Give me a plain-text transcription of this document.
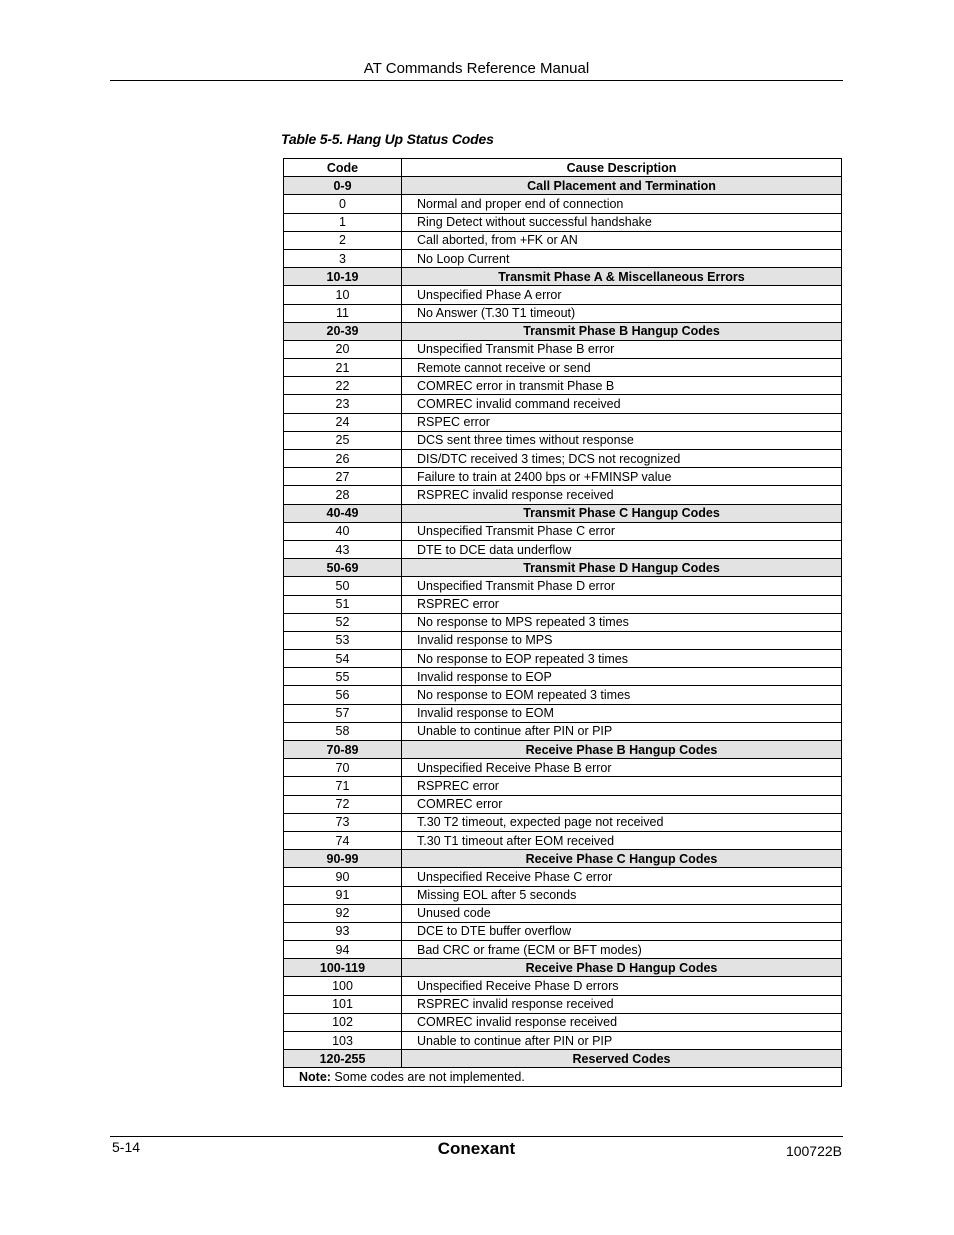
AT Commands Reference Manual
Table 5-5. Hang Up Status Codes
Code	Cause Description
0-9	Call Placement and Termination
0	Normal and proper end of connection
1	Ring Detect without successful handshake
2	Call aborted, from +FK or AN
3	No Loop Current
10-19	Transmit Phase A & Miscellaneous Errors
10	Unspecified Phase A error
11	No Answer (T.30 T1 timeout)
20-39	Transmit Phase B Hangup Codes
20	Unspecified Transmit Phase B error
21	Remote cannot receive or send
22	COMREC error in transmit Phase B
23	COMREC invalid command received
24	RSPEC error
25	DCS sent three times without response
26	DIS/DTC received 3 times; DCS not recognized
27	Failure to train at 2400 bps or +FMINSP value
28	RSPREC invalid response received
40-49	Transmit Phase C Hangup Codes
40	Unspecified Transmit Phase C error
43	DTE to DCE data underflow
50-69	Transmit Phase D Hangup Codes
50	Unspecified Transmit Phase D error
51	RSPREC error
52	No response to MPS repeated 3 times
53	Invalid response to MPS
54	No response to EOP repeated 3 times
55	Invalid response to EOP
56	No response to EOM repeated 3 times
57	Invalid response to EOM
58	Unable to continue after PIN or PIP
70-89	Receive Phase B Hangup Codes
70	Unspecified Receive Phase B error
71	RSPREC error
72	COMREC error
73	T.30 T2 timeout, expected page not received
74	T.30 T1 timeout after EOM received
90-99	Receive Phase C Hangup Codes
90	Unspecified Receive Phase C error
91	Missing EOL after 5 seconds
92	Unused code
93	DCE to DTE buffer overflow
94	Bad CRC or frame (ECM or BFT modes)
100-119	Receive Phase D Hangup Codes
100	Unspecified Receive Phase D errors
101	RSPREC invalid response received
102	COMREC invalid response received
103	Unable to continue after PIN or PIP
120-255	Reserved Codes
Note: Some codes are not implemented.	
5-14	Conexant	100722B
